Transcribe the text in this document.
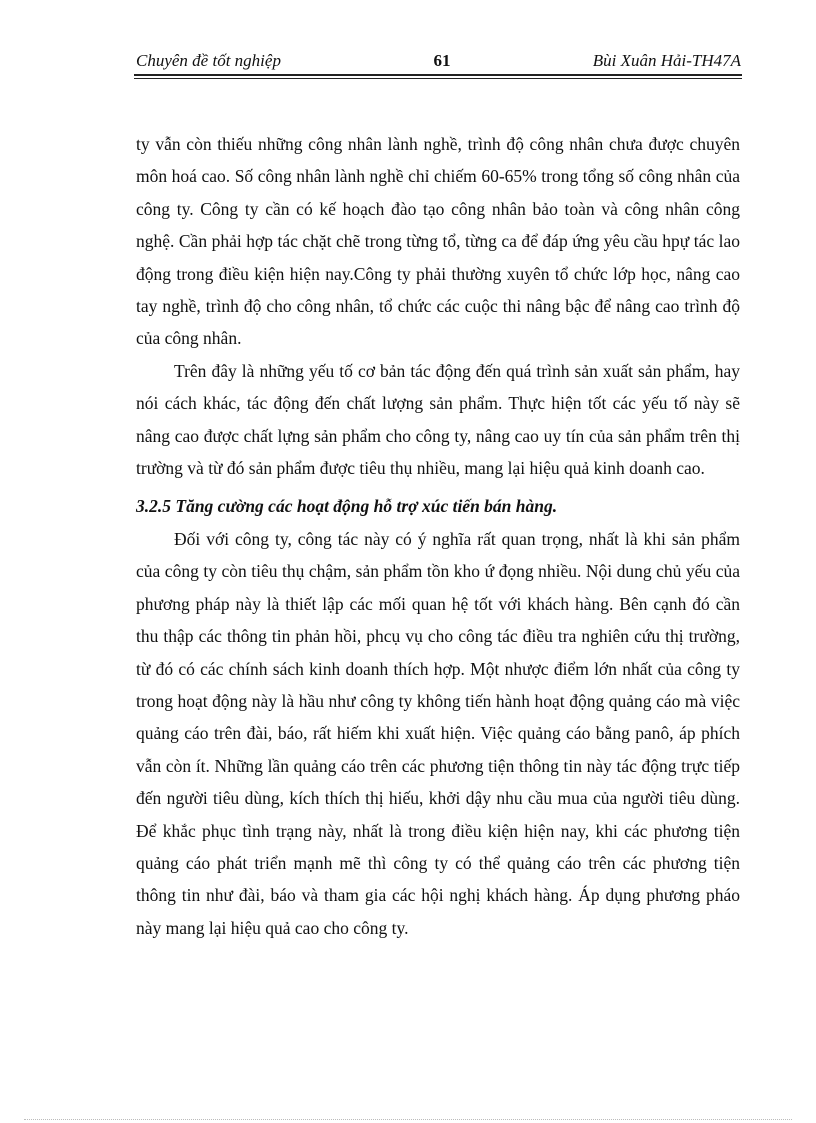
Chuyên đề tốt nghiệp	61	Bùi Xuân Hải-TH47A

ty vẫn còn thiếu những công nhân lành nghề, trình độ công nhân chưa được chuyên môn hoá cao. Số công nhân lành nghề chỉ chiếm 60-65% trong tổng số công nhân của công ty. Công ty cần có kế hoạch đào tạo công nhân bảo toàn và công nhân công nghệ. Cần phải hợp tác chặt chẽ trong từng tổ, từng ca để đáp ứng yêu cầu hpự tác lao động trong điều kiện hiện nay.Công ty phải thường xuyên tổ chức lớp học, nâng cao tay nghề, trình độ cho công nhân, tổ chức các cuộc thi nâng bậc để nâng cao trình độ của công nhân.

Trên đây là những yếu tố cơ bản tác động đến quá trình sản xuất sản phẩm, hay nói cách khác, tác động đến chất lượng sản phẩm. Thực hiện tốt các yếu tố này sẽ nâng cao được chất lựng sản phẩm cho công ty, nâng cao uy tín của sản phẩm trên thị trường và từ đó sản phẩm được tiêu thụ nhiều, mang lại hiệu quả kinh doanh cao.

3.2.5 Tăng cường các hoạt động hỗ trợ xúc tiến bán hàng.

Đối với công ty, công tác này có ý nghĩa rất quan trọng, nhất là khi sản phẩm của công ty còn tiêu thụ chậm, sản phẩm tồn kho ứ đọng nhiều. Nội dung chủ yếu của phương pháp này là thiết lập các mối quan hệ tốt với khách hàng. Bên cạnh đó cần thu thập các thông tin phản hồi, phcụ vụ cho công tác điều tra nghiên cứu thị trường, từ đó có các chính sách kinh doanh thích hợp. Một nhược điểm lớn nhất của công ty trong hoạt động này là hầu như công ty không tiến hành hoạt động quảng cáo mà việc quảng cáo trên đài, báo, rất hiếm khi xuất hiện. Việc quảng cáo bằng panô, áp phích vẫn còn ít. Những lần quảng cáo trên các phương tiện thông tin này tác động trực tiếp đến người tiêu dùng, kích thích thị hiếu, khởi dậy nhu cầu mua của người tiêu dùng. Để khắc phục tình trạng này, nhất là trong điều kiện hiện nay, khi các phương tiện quảng cáo phát triển mạnh mẽ thì công ty có thể quảng cáo trên các phương tiện thông tin như đài, báo và tham gia các hội nghị khách hàng. Áp dụng phương pháo này mang lại hiệu quả cao cho công ty.
